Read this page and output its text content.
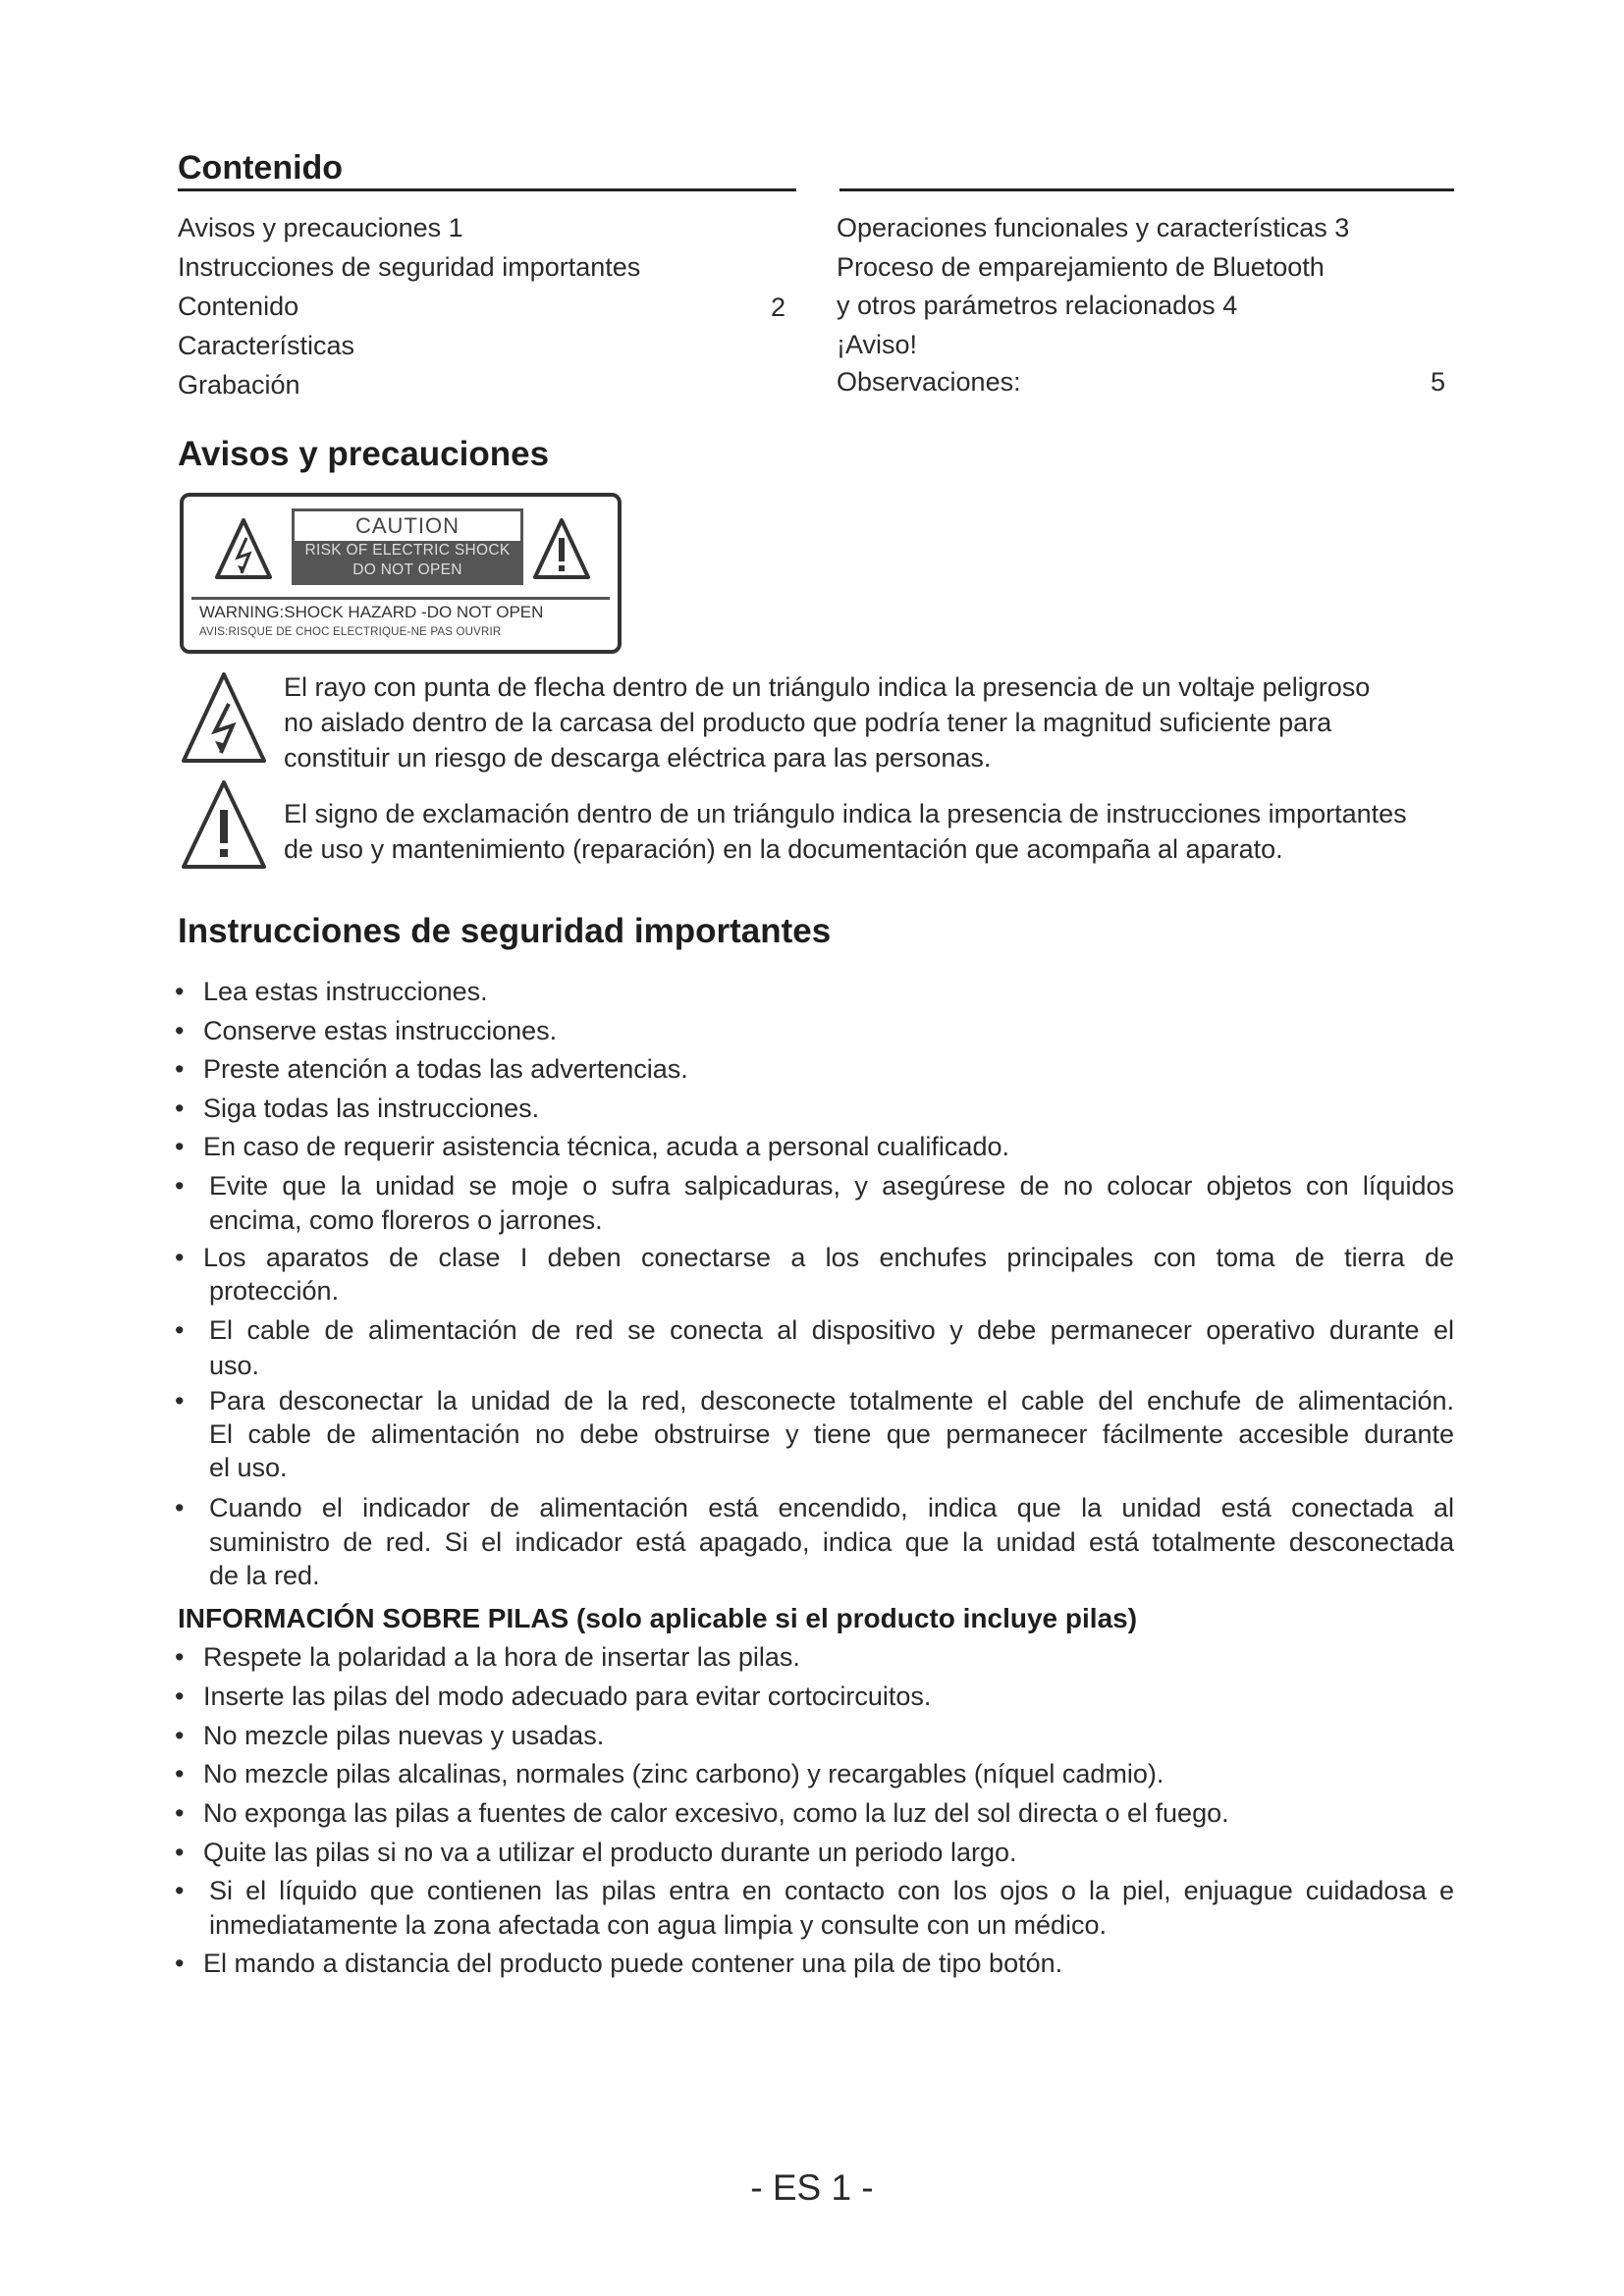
Contenido
Avisos y precauciones 1
Instrucciones de seguridad importantes
Contenido	2
Características
Grabación
Operaciones funcionales y características 3
Proceso de emparejamiento de Bluetooth
y otros parámetros relacionados 4
¡Aviso!
Observaciones:	5
Avisos y precauciones
CAUTION
RISK OF ELECTRIC SHOCK
DO NOT OPEN
WARNING:SHOCK HAZARD -DO NOT OPEN
AVIS:RISQUE DE CHOC ELECTRIQUE-NE PAS OUVRIR
El rayo con punta de flecha dentro de un triángulo indica la presencia de un voltaje peligroso
no aislado dentro de la carcasa del producto que podría tener la magnitud suficiente para
constituir un riesgo de descarga eléctrica para las personas.
El signo de exclamación dentro de un triángulo indica la presencia de instrucciones importantes
de uso y mantenimiento (reparación) en la documentación que acompaña al aparato.
Instrucciones de seguridad importantes
• Lea estas instrucciones.
• Conserve estas instrucciones.
• Preste atención a todas las advertencias.
• Siga todas las instrucciones.
• En caso de requerir asistencia técnica, acuda a personal cualificado.
• Evite que la unidad se moje o sufra salpicaduras, y asegúrese de no colocar objetos con líquidos
encima, como floreros o jarrones.
• Los aparatos de clase I deben conectarse a los enchufes principales con toma de tierra de
protección.
• El cable de alimentación de red se conecta al dispositivo y debe permanecer operativo durante el
uso.
• Para desconectar la unidad de la red, desconecte totalmente el cable del enchufe de alimentación.
El cable de alimentación no debe obstruirse y tiene que permanecer fácilmente accesible durante
el uso.
• Cuando el indicador de alimentación está encendido, indica que la unidad está conectada al
suministro de red. Si el indicador está apagado, indica que la unidad está totalmente desconectada
de la red.
INFORMACIÓN SOBRE PILAS (solo aplicable si el producto incluye pilas)
• Respete la polaridad a la hora de insertar las pilas.
• Inserte las pilas del modo adecuado para evitar cortocircuitos.
• No mezcle pilas nuevas y usadas.
• No mezcle pilas alcalinas, normales (zinc carbono) y recargables (níquel cadmio).
• No exponga las pilas a fuentes de calor excesivo, como la luz del sol directa o el fuego.
• Quite las pilas si no va a utilizar el producto durante un periodo largo.
• Si el líquido que contienen las pilas entra en contacto con los ojos o la piel, enjuague cuidadosa e
inmediatamente la zona afectada con agua limpia y consulte con un médico.
• El mando a distancia del producto puede contener una pila de tipo botón.
- ES 1 -
